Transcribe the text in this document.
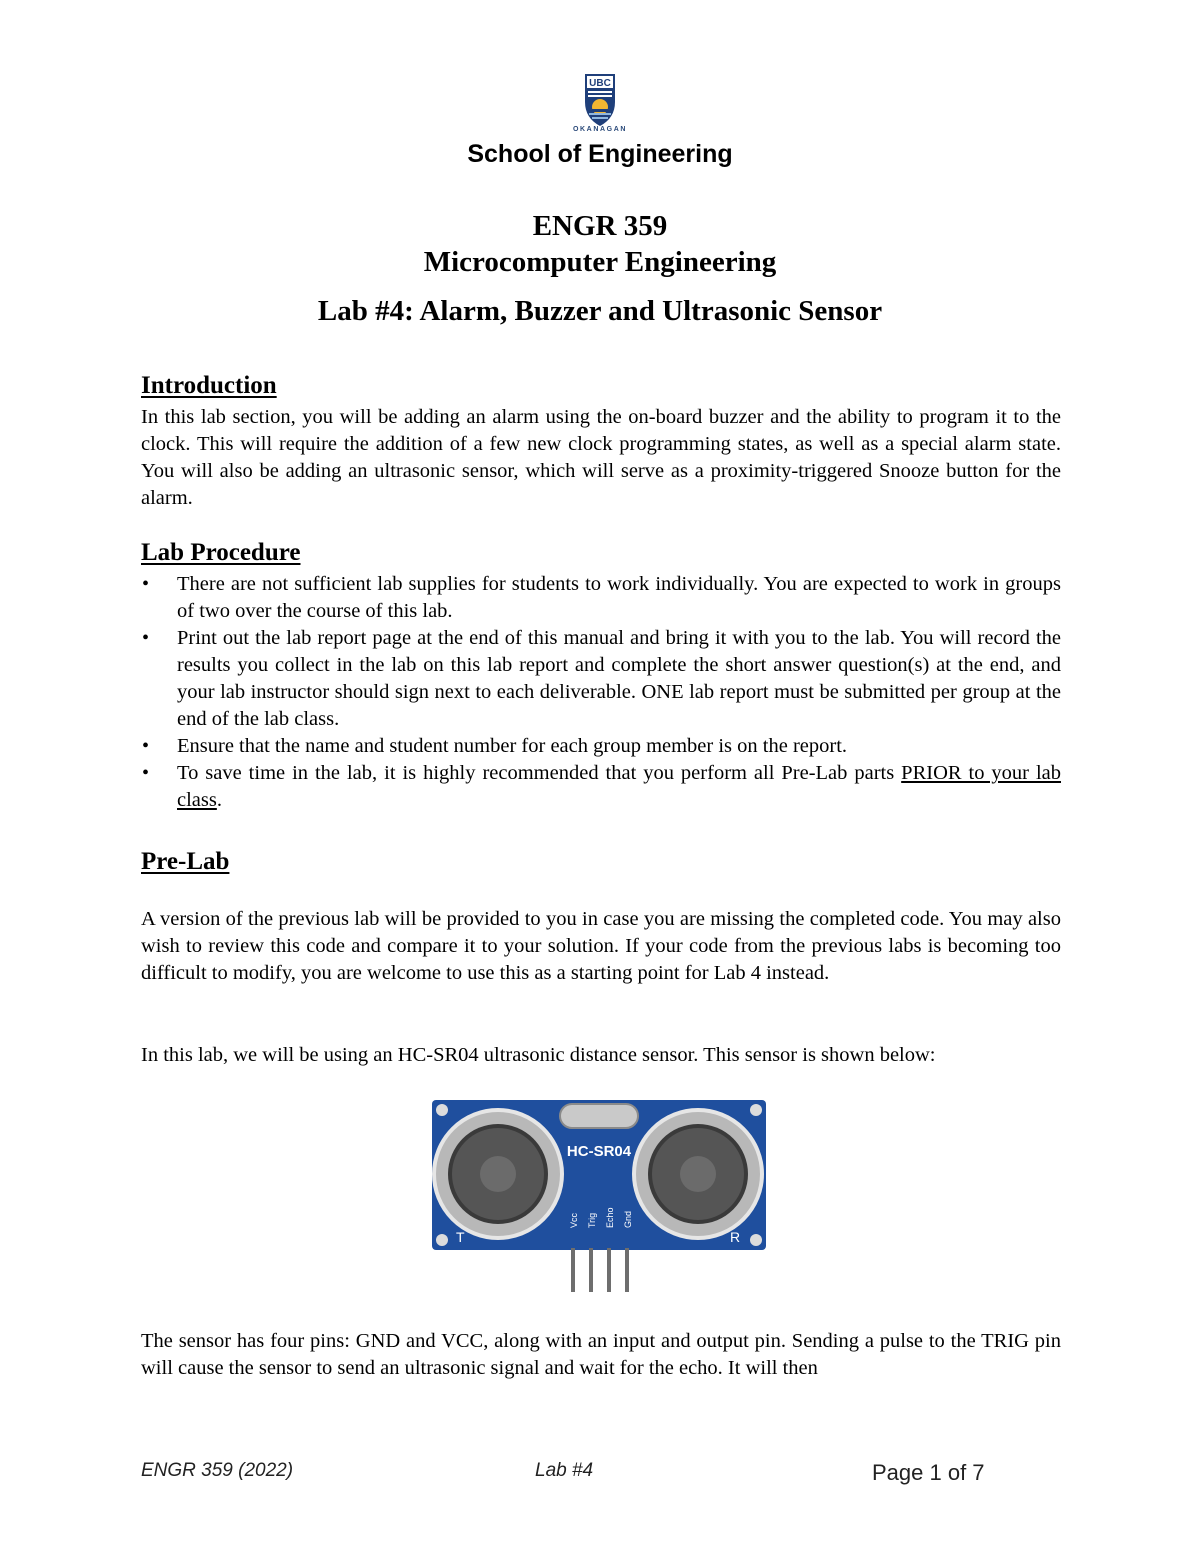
UBC
OKANAGAN
School of Engineering
ENGR 359
Microcomputer Engineering
Lab #4: Alarm, Buzzer and Ultrasonic Sensor
Introduction
In this lab section, you will be adding an alarm using the on-board buzzer and the ability to program it to the clock. This will require the addition of a few new clock programming states, as well as a special alarm state. You will also be adding an ultrasonic sensor, which will serve as a proximity-triggered Snooze button for the alarm.
Lab Procedure
• There are not sufficient lab supplies for students to work individually. You are expected to work in groups of two over the course of this lab.
• Print out the lab report page at the end of this manual and bring it with you to the lab. You will record the results you collect in the lab on this lab report and complete the short answer question(s) at the end, and your lab instructor should sign next to each deliverable. ONE lab report must be submitted per group at the end of the lab class.
• Ensure that the name and student number for each group member is on the report.
• To save time in the lab, it is highly recommended that you perform all Pre-Lab parts PRIOR to your lab class.
Pre-Lab
A version of the previous lab will be provided to you in case you are missing the completed code. You may also wish to review this code and compare it to your solution. If your code from the previous labs is becoming too difficult to modify, you are welcome to use this as a starting point for Lab 4 instead.
In this lab, we will be using an HC-SR04 ultrasonic distance sensor. This sensor is shown below:
HC-SR04
Vcc Trig Echo Gnd
T	R
The sensor has four pins: GND and VCC, along with an input and output pin. Sending a pulse to the TRIG pin will cause the sensor to send an ultrasonic signal and wait for the echo. It will then
ENGR 359 (2022)	Lab #4	Page 1 of 7
